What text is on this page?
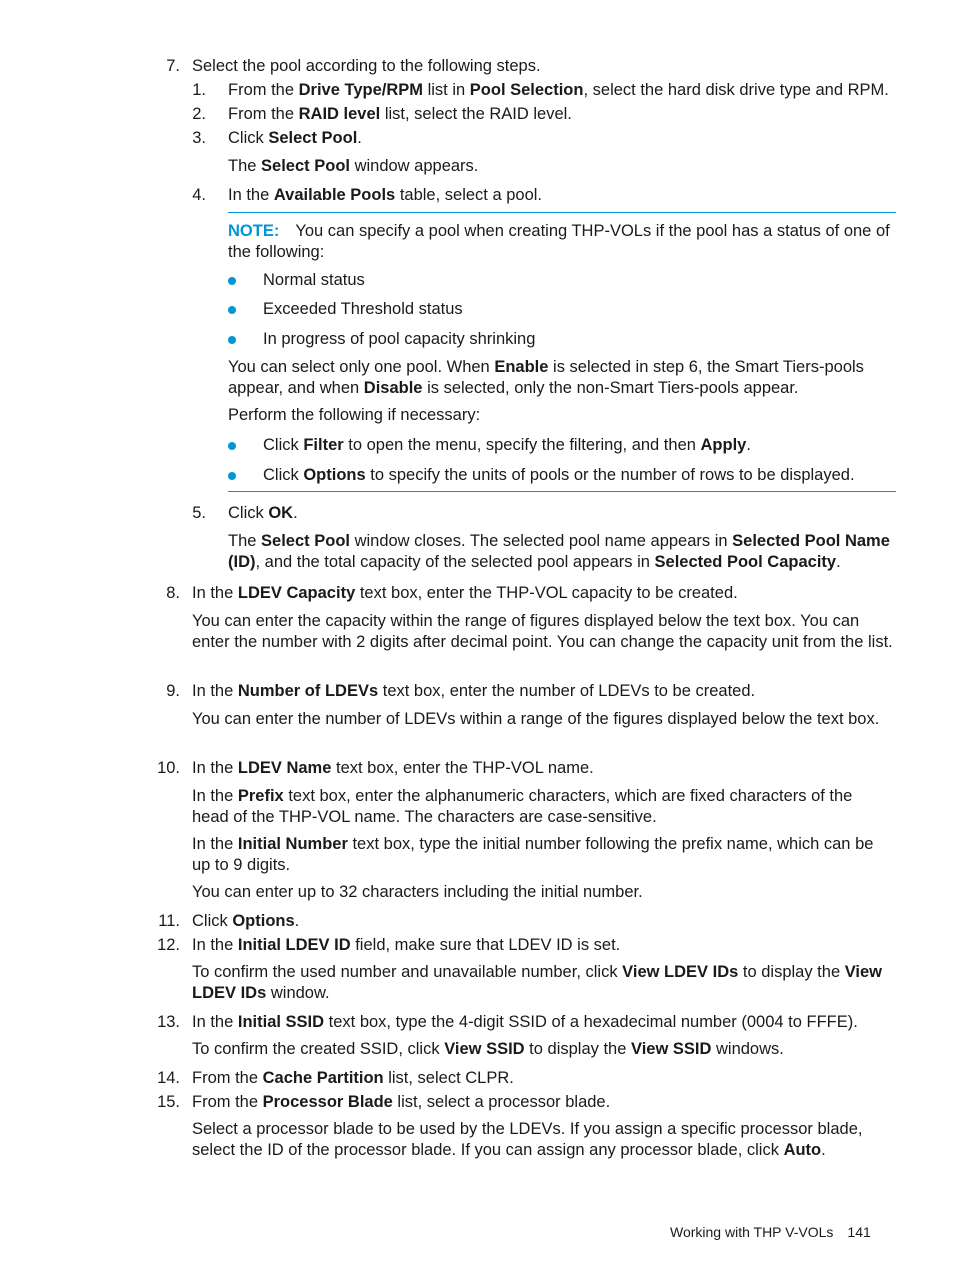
7. Select the pool according to the following steps.
1. From the Drive Type/RPM list in Pool Selection, select the hard disk drive type and RPM.
2. From the RAID level list, select the RAID level.
3. Click Select Pool.
The Select Pool window appears.
4. In the Available Pools table, select a pool.
NOTE: You can specify a pool when creating THP-VOLs if the pool has a status of one of the following:
Normal status
Exceeded Threshold status
In progress of pool capacity shrinking
You can select only one pool. When Enable is selected in step 6, the Smart Tiers-pools appear, and when Disable is selected, only the non-Smart Tiers-pools appear.
Perform the following if necessary:
Click Filter to open the menu, specify the filtering, and then Apply.
Click Options to specify the units of pools or the number of rows to be displayed.
5. Click OK.
The Select Pool window closes. The selected pool name appears in Selected Pool Name (ID), and the total capacity of the selected pool appears in Selected Pool Capacity.
8. In the LDEV Capacity text box, enter the THP-VOL capacity to be created.
You can enter the capacity within the range of figures displayed below the text box. You can enter the number with 2 digits after decimal point. You can change the capacity unit from the list.
9. In the Number of LDEVs text box, enter the number of LDEVs to be created.
You can enter the number of LDEVs within a range of the figures displayed below the text box.
10. In the LDEV Name text box, enter the THP-VOL name.
In the Prefix text box, enter the alphanumeric characters, which are fixed characters of the head of the THP-VOL name. The characters are case-sensitive.
In the Initial Number text box, type the initial number following the prefix name, which can be up to 9 digits.
You can enter up to 32 characters including the initial number.
11. Click Options.
12. In the Initial LDEV ID field, make sure that LDEV ID is set.
To confirm the used number and unavailable number, click View LDEV IDs to display the View LDEV IDs window.
13. In the Initial SSID text box, type the 4-digit SSID of a hexadecimal number (0004 to FFFE).
To confirm the created SSID, click View SSID to display the View SSID windows.
14. From the Cache Partition list, select CLPR.
15. From the Processor Blade list, select a processor blade.
Select a processor blade to be used by the LDEVs. If you assign a specific processor blade, select the ID of the processor blade. If you can assign any processor blade, click Auto.
Working with THP V-VOLs 141
